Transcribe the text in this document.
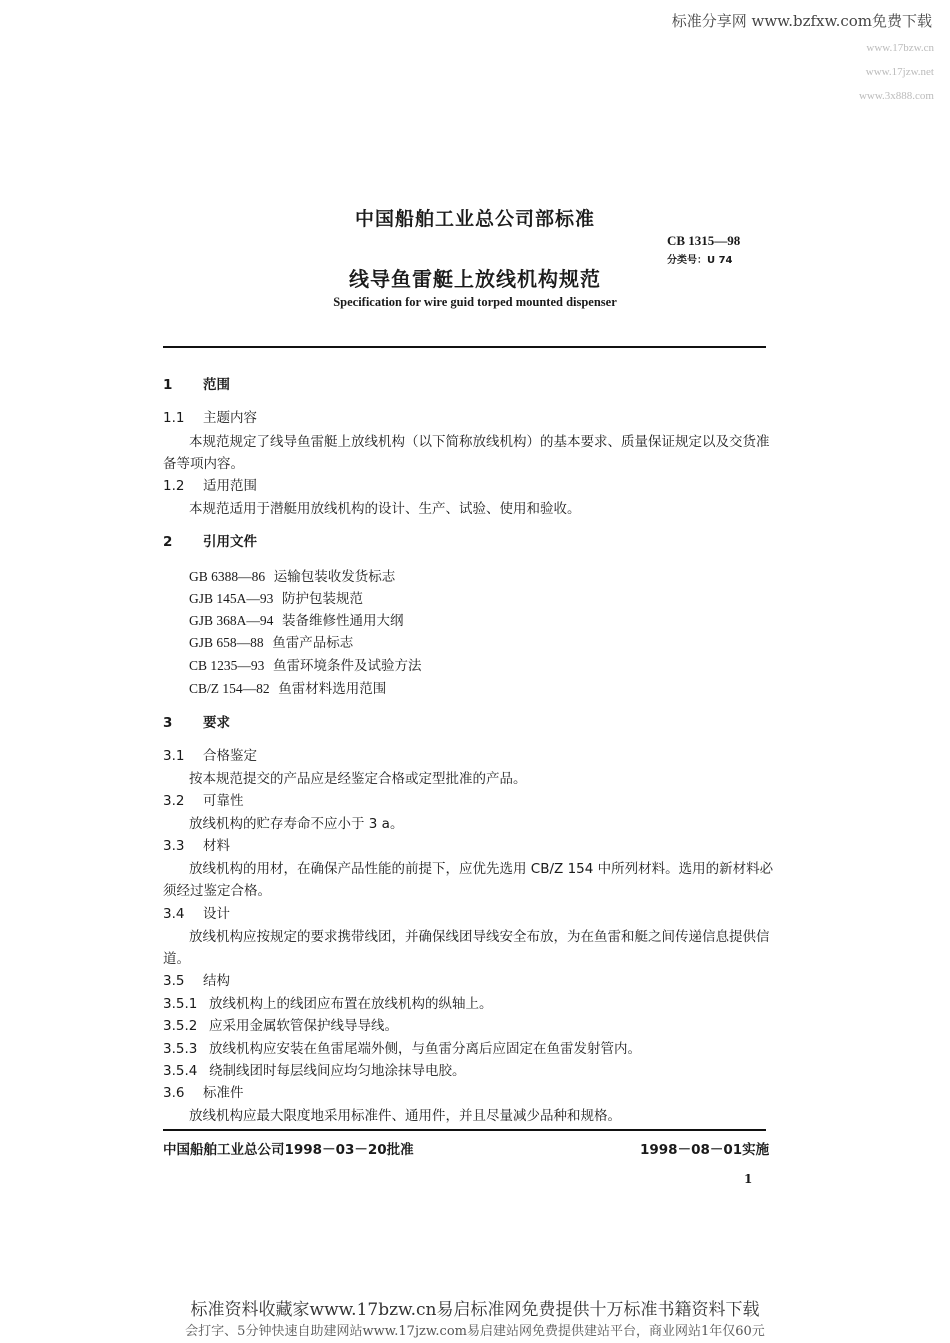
标准分享网 www.bzfxw.com免费下载
www.17bzw.cn
www.17jzw.net
www.3x888.com
中国船舶工业总公司部标准
CB 1315—98
分类号：U 74
线导鱼雷艇上放线机构规范
Specification for wire guid torped mounted dispenser
1 范围
1.1 主题内容
本规范规定了线导鱼雷艇上放线机构（以下简称放线机构）的基本要求、质量保证规定以及交货准
备等项内容。
1.2 适用范围
本规范适用于潜艇用放线机构的设计、生产、试验、使用和验收。
2 引用文件
GB 6388—86 运输包装收发货标志
GJB 145A—93 防护包装规范
GJB 368A—94 装备维修性通用大纲
GJB 658—88 鱼雷产品标志
CB 1235—93 鱼雷环境条件及试验方法
CB/Z 154—82 鱼雷材料选用范围
3 要求
3.1 合格鉴定
按本规范提交的产品应是经鉴定合格或定型批准的产品。
3.2 可靠性
放线机构的贮存寿命不应小于 3 a。
3.3 材料
放线机构的用材，在确保产品性能的前提下，应优先选用 CB/Z 154 中所列材料。选用的新材料必
须经过鉴定合格。
3.4 设计
放线机构应按规定的要求携带线团，并确保线团导线安全布放，为在鱼雷和艇之间传递信息提供信
道。
3.5 结构
3.5.1 放线机构上的线团应布置在放线机构的纵轴上。
3.5.2 应采用金属软管保护线导导线。
3.5.3 放线机构应安装在鱼雷尾端外侧，与鱼雷分离后应固定在鱼雷发射管内。
3.5.4 绕制线团时每层线间应均匀地涂抹导电胶。
3.6 标准件
放线机构应最大限度地采用标准件、通用件，并且尽量减少品种和规格。
中国船舶工业总公司1998－03－20批准	1998－08－01实施
1
标准资料收藏家www.17bzw.cn易启标准网免费提供十万标准书籍资料下载
会打字、5分钟快速自助建网站www.17jzw.com易启建站网免费提供建站平台，商业网站1年仅60元
